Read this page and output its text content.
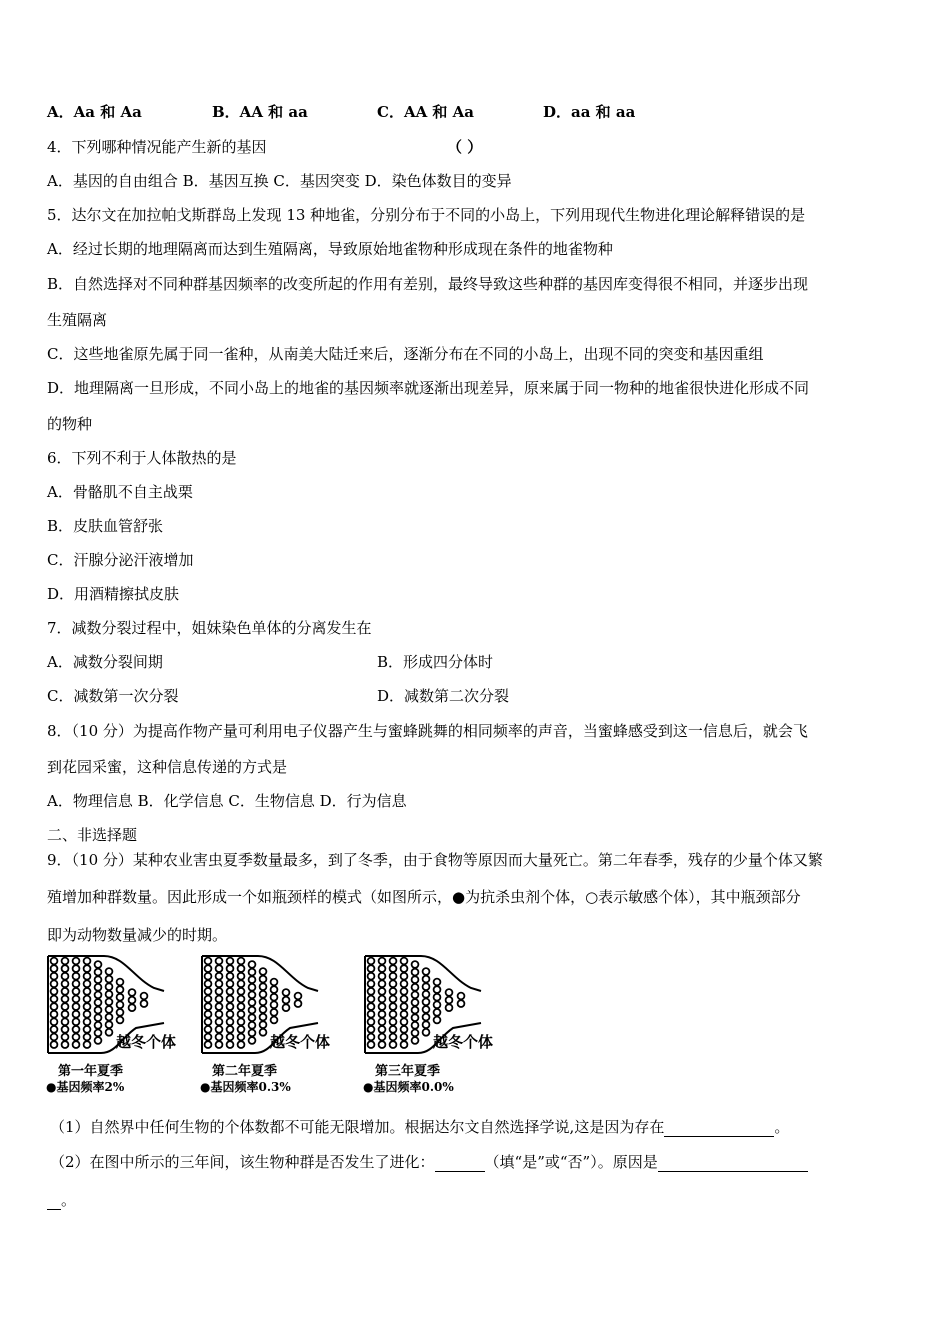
A．Aa 和 Aa	B．AA 和 aa	C．AA 和 Aa	D．aa 和 aa
4．下列哪种情况能产生新的基因	（ ）
A．基因的自由组合 B．基因互换 C．基因突变 D．染色体数目的变异
5．达尔文在加拉帕戈斯群岛上发现 13 种地雀，分别分布于不同的小岛上，下列用现代生物进化理论解释错误的是
A．经过长期的地理隔离而达到生殖隔离，导致原始地雀物种形成现在条件的地雀物种
B．自然选择对不同种群基因频率的改变所起的作用有差别，最终导致这些种群的基因库变得很不相同，并逐步出现
生殖隔离
C．这些地雀原先属于同一雀种，从南美大陆迁来后，逐渐分布在不同的小岛上，出现不同的突变和基因重组
D．地理隔离一旦形成，不同小岛上的地雀的基因频率就逐渐出现差异，原来属于同一物种的地雀很快进化形成不同
的物种
6．下列不利于人体散热的是
A．骨骼肌不自主战栗
B．皮肤血管舒张
C．汗腺分泌汗液增加
D．用酒精擦拭皮肤
7．减数分裂过程中，姐妹染色单体的分离发生在
A．减数分裂间期	B．形成四分体时
C．减数第一次分裂	D．减数第二次分裂
8．（10 分）为提高作物产量可利用电子仪器产生与蜜蜂跳舞的相同频率的声音，当蜜蜂感受到这一信息后，就会飞
到花园采蜜，这种信息传递的方式是
A．物理信息 B．化学信息 C．生物信息 D．行为信息
二、非选择题
9．（10 分）某种农业害虫夏季数量最多，到了冬季，由于食物等原因而大量死亡。第二年春季，残存的少量个体又繁
殖增加种群数量。因此形成一个如瓶颈样的模式（如图所示，●为抗杀虫剂个体，○表示敏感个体），其中瓶颈部分
即为动物数量减少的时期。
越冬个体
第一年夏季
●基因频率2%
越冬个体
第二年夏季
●基因频率0.3%
越冬个体
第三年夏季
●基因频率0.0%
（1）自然界中任何生物的个体数都不可能无限增加。根据达尔文自然选择学说,这是因为存在	。
（2）在图中所示的三年间，该生物种群是否发生了进化：	（填“是”或“否”）。原因是
。
